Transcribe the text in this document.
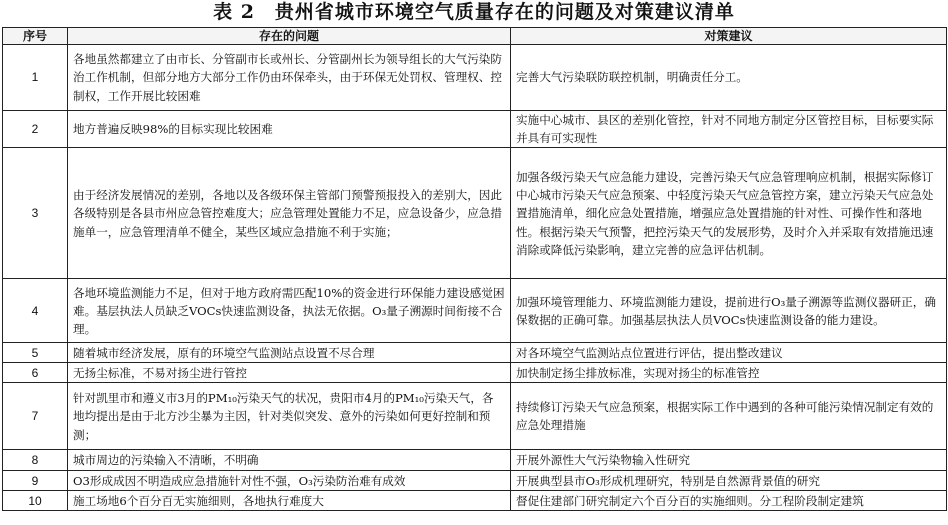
表 2　贵州省城市环境空气质量存在的问题及对策建议清单
序号	存在的问题	对策建议
1	各地虽然都建立了由市长、分管副市长或州长、分管副州长为领导组长的大气污染防治工作机制，但部分地方大部分工作仍由环保牵头，由于环保无处罚权、管理权、控制权，工作开展比较困难	完善大气污染联防联控机制，明确责任分工。
2	地方普遍反映98%的目标实现比较困难	实施中心城市、县区的差别化管控，针对不同地方制定分区管控目标，目标要实际并具有可实现性
3	由于经济发展情况的差别，各地以及各级环保主管部门预警预报投入的差别大，因此各级特别是各县市州应急管控难度大；应急管理处置能力不足，应急设备少，应急措施单一，应急管理清单不健全，某些区域应急措施不利于实施；	加强各级污染天气应急能力建设，完善污染天气应急管理响应机制，根据实际修订中心城市污染天气应急预案、中轻度污染天气应急管控方案，建立污染天气应急处置措施清单，细化应急处置措施，增强应急处置措施的针对性、可操作性和落地性。根据污染天气预警，把控污染天气的发展形势，及时介入并采取有效措施迅速消除或降低污染影响，建立完善的应急评估机制。
4	各地环境监测能力不足，但对于地方政府需匹配10%的资金进行环保能力建设感觉困难。基层执法人员缺乏VOCs快速监测设备，执法无依据。O₃量子溯源时间衔接不合理。	加强环境管理能力、环境监测能力建设，提前进行O₃量子溯源等监测仪器研正，确保数据的正确可靠。加强基层执法人员VOCs快速监测设备的能力建设。
5	随着城市经济发展，原有的环境空气监测站点设置不尽合理	对各环境空气监测站点位置进行评估，提出整改建议
6	无扬尘标准，不易对扬尘进行管控	加快制定扬尘排放标准，实现对扬尘的标准管控
7	针对凯里市和遵义市3月的PM₁₀污染天气的状况，贵阳市4月的PM₁₀污染天气，各地均提出是由于北方沙尘暴为主因，针对类似突发、意外的污染如何更好控制和预测；	持续修订污染天气应急预案，根据实际工作中遇到的各种可能污染情况制定有效的应急处理措施
8	城市周边的污染输入不清晰，不明确	开展外源性大气污染物输入性研究
9	O3形成成因不明造成应急措施针对性不强，O₃污染防治难有成效	开展典型县市O₃形成机理研究，特别是自然源背景值的研究
10	施工场地6个百分百无实施细则，各地执行难度大	督促住建部门研究制定六个百分百的实施细则。分工程阶段制定建筑
